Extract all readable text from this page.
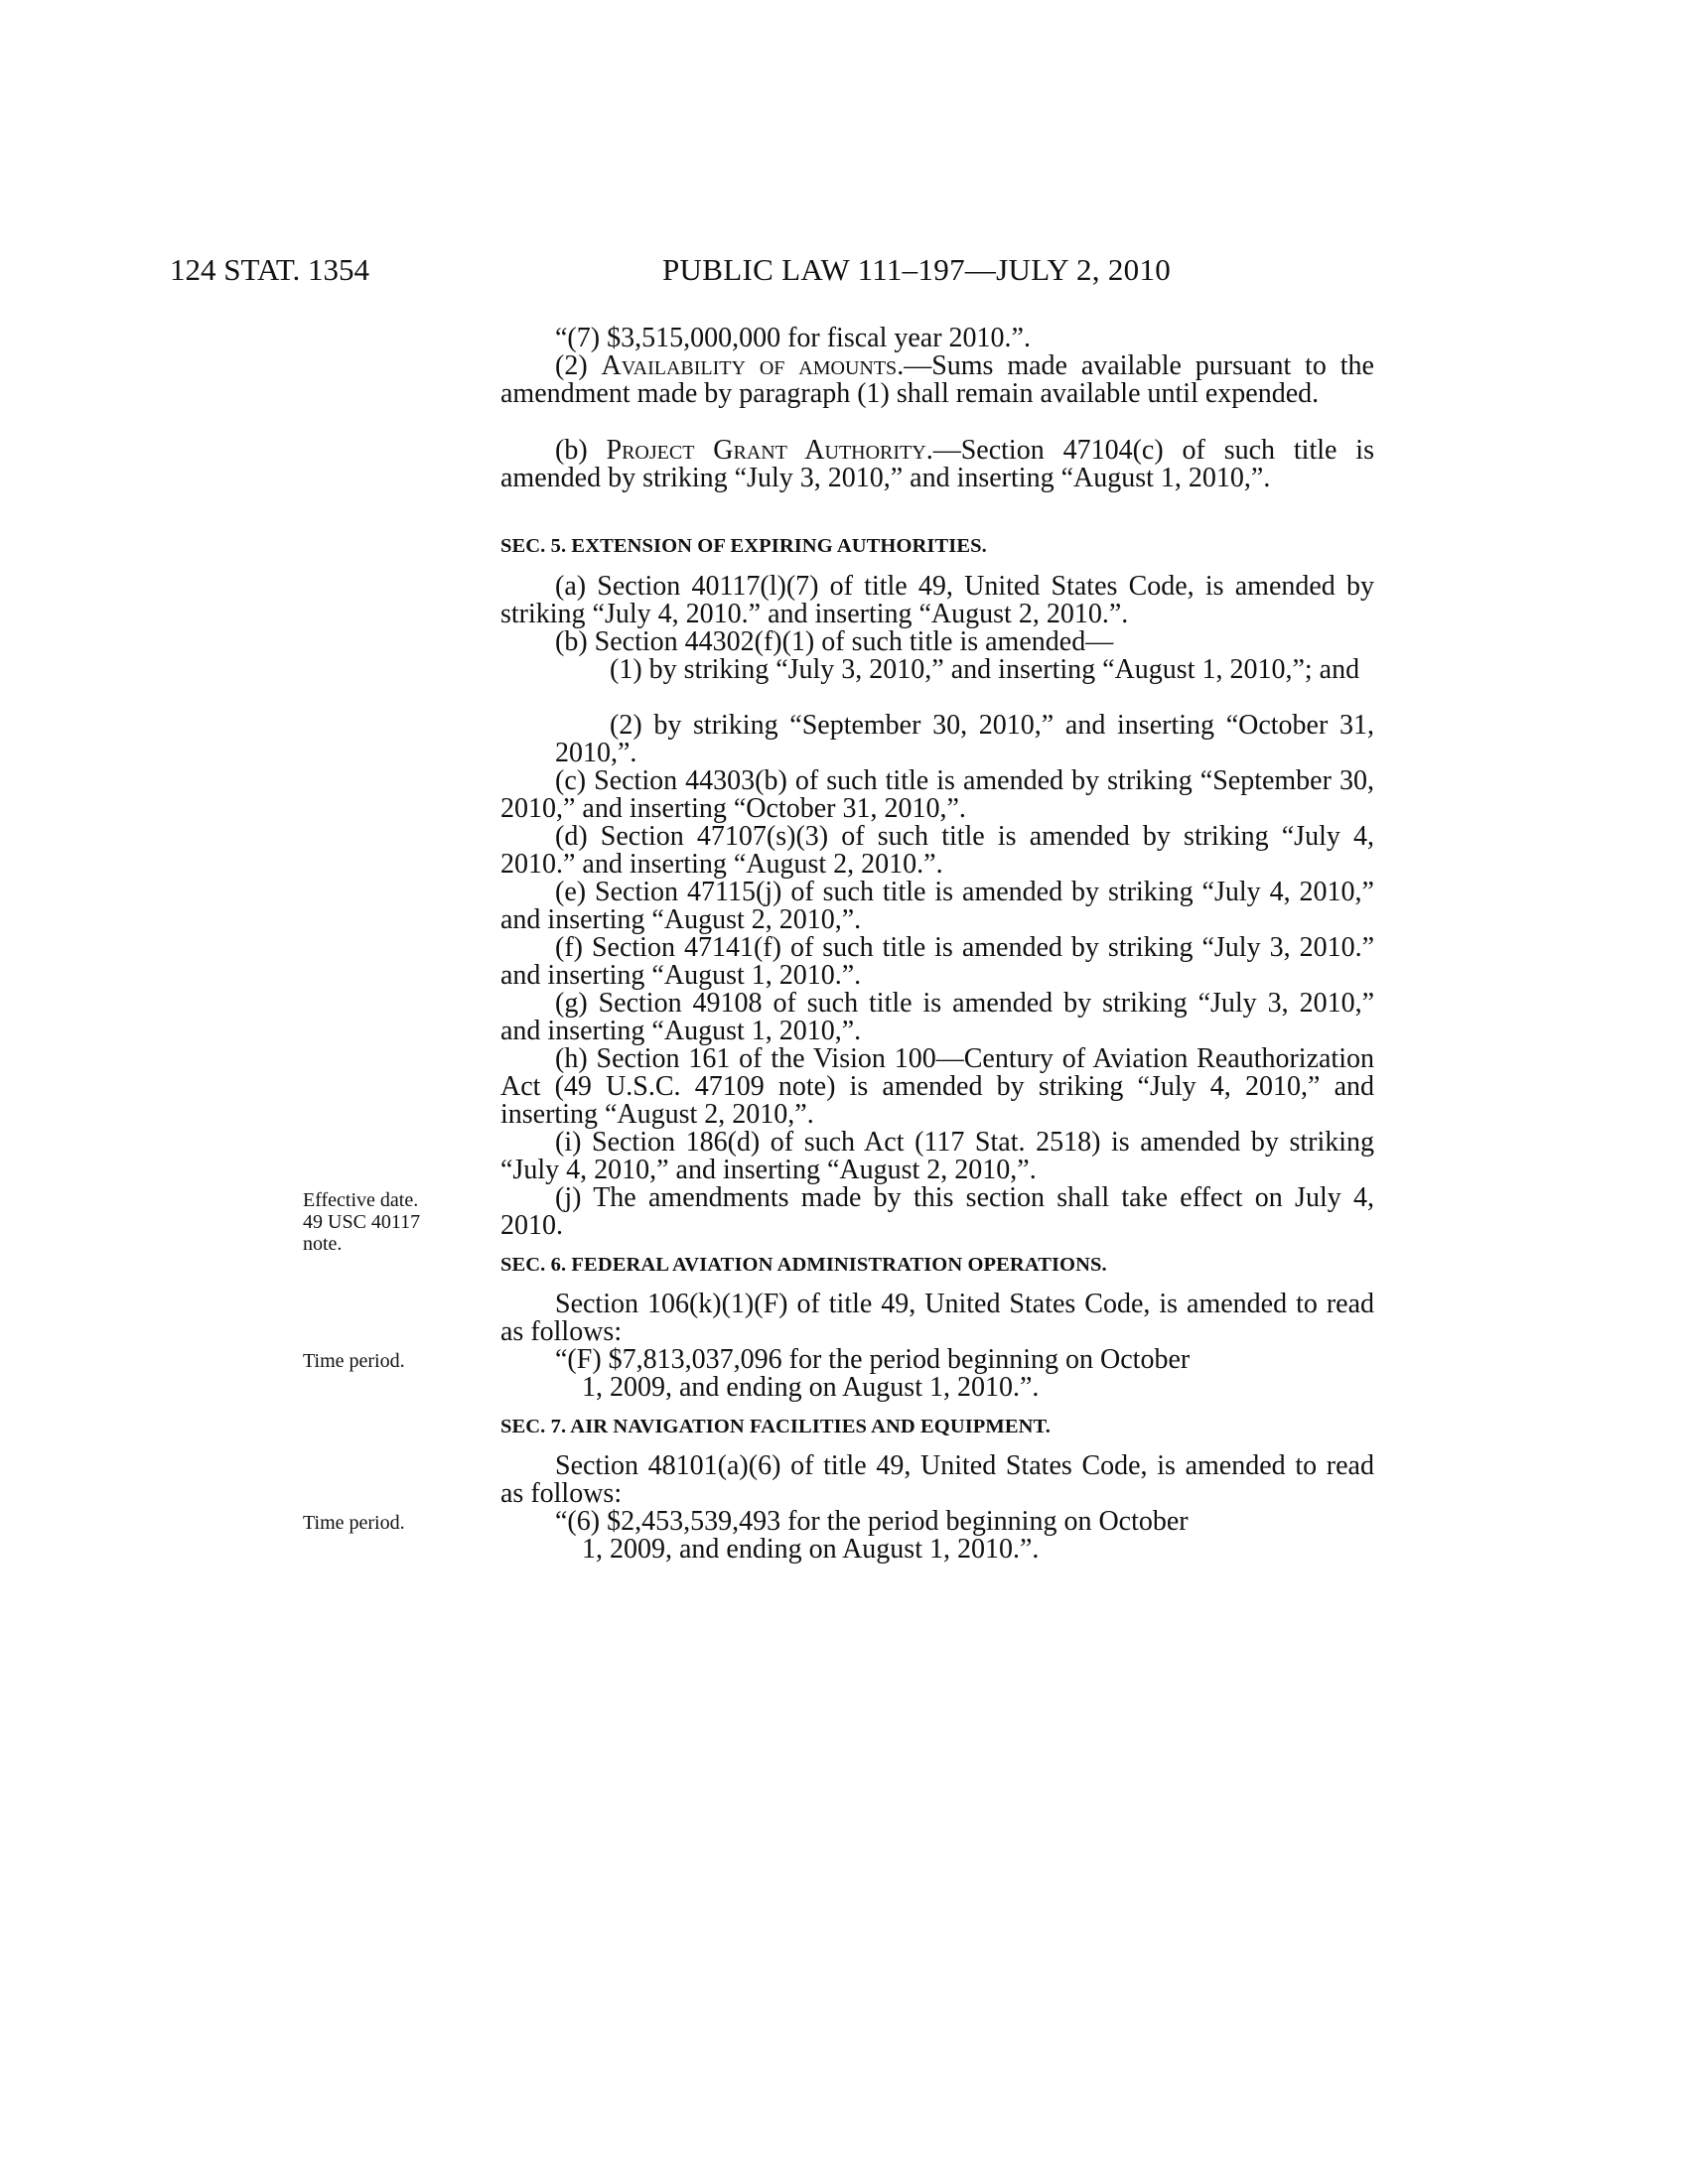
124 STAT. 1354	PUBLIC LAW 111–197—JULY 2, 2010

“(7) $3,515,000,000 for fiscal year 2010.”.

(2) Availability of amounts.—Sums made available pursuant to the amendment made by paragraph (1) shall remain available until expended.

(b) Project Grant Authority.—Section 47104(c) of such title is amended by striking “July 3, 2010,” and inserting “August 1, 2010,”.

SEC. 5. EXTENSION OF EXPIRING AUTHORITIES.

(a) Section 40117(l)(7) of title 49, United States Code, is amended by striking “July 4, 2010.” and inserting “August 2, 2010.”.

(b) Section 44302(f)(1) of such title is amended—

(1) by striking “July 3, 2010,” and inserting “August 1, 2010,”; and

(2) by striking “September 30, 2010,” and inserting “October 31, 2010,”.

(c) Section 44303(b) of such title is amended by striking “September 30, 2010,” and inserting “October 31, 2010,”.

(d) Section 47107(s)(3) of such title is amended by striking “July 4, 2010.” and inserting “August 2, 2010.”.

(e) Section 47115(j) of such title is amended by striking “July 4, 2010,” and inserting “August 2, 2010,”.

(f) Section 47141(f) of such title is amended by striking “July 3, 2010.” and inserting “August 1, 2010.”.

(g) Section 49108 of such title is amended by striking “July 3, 2010,” and inserting “August 1, 2010,”.

(h) Section 161 of the Vision 100—Century of Aviation Reauthorization Act (49 U.S.C. 47109 note) is amended by striking “July 4, 2010,” and inserting “August 2, 2010,”.

(i) Section 186(d) of such Act (117 Stat. 2518) is amended by striking “July 4, 2010,” and inserting “August 2, 2010,”.

(j) The amendments made by this section shall take effect on July 4, 2010.

SEC. 6. FEDERAL AVIATION ADMINISTRATION OPERATIONS.

Section 106(k)(1)(F) of title 49, United States Code, is amended to read as follows:

“(F) $7,813,037,096 for the period beginning on October
1, 2009, and ending on August 1, 2010.”.

SEC. 7. AIR NAVIGATION FACILITIES AND EQUIPMENT.

Section 48101(a)(6) of title 49, United States Code, is amended to read as follows:

“(6) $2,453,539,493 for the period beginning on October
1, 2009, and ending on August 1, 2010.”.

Effective date.
49 USC 40117
note.
Time period.
Time period.
